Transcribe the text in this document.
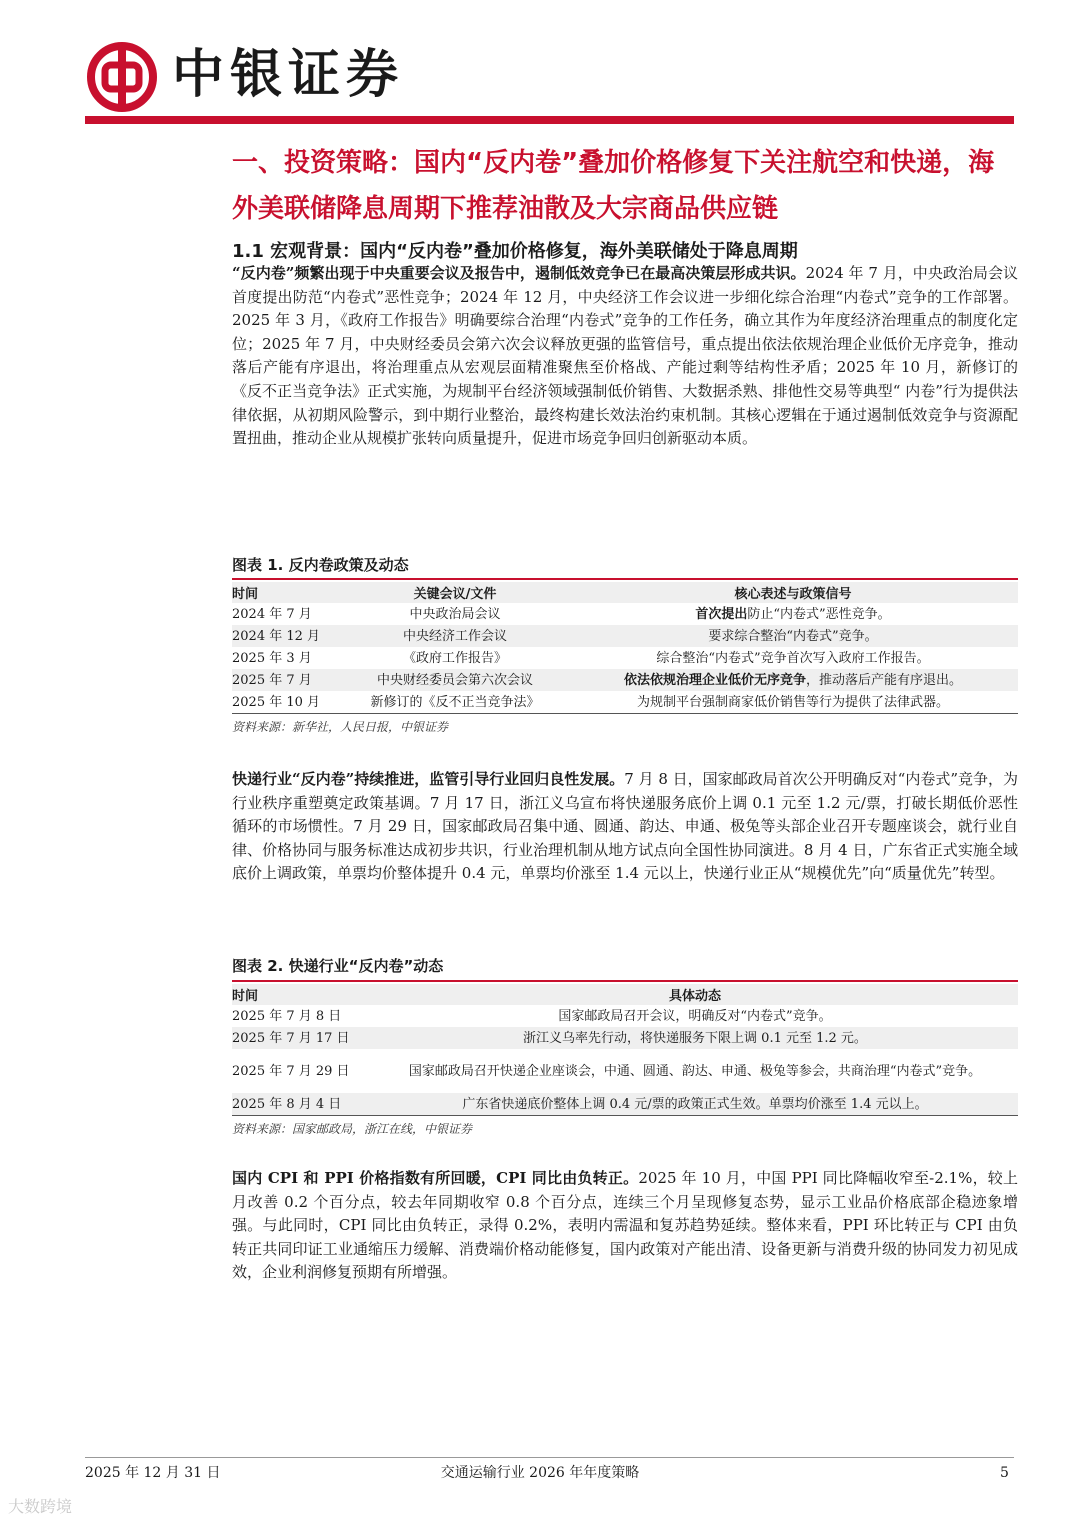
中银证券
一、投资策略：国内“反内卷”叠加价格修复下关注航空和快递，海外美联储降息周期下推荐油散及大宗商品供应链
1.1 宏观背景：国内“反内卷”叠加价格修复，海外美联储处于降息周期

“反内卷”频繁出现于中央重要会议及报告中，遏制低效竞争已在最高决策层形成共识。2024 年 7 月，中央政治局会议首度提出防范“内卷式”恶性竞争；2024 年 12 月，中央经济工作会议进一步细化综合治理“内卷式”竞争的工作部署。2025 年 3 月，《政府工作报告》明确要综合治理“内卷式”竞争的工作任务，确立其作为年度经济治理重点的制度化定位；2025 年 7 月，中央财经委员会第六次会议释放更强的监管信号，重点提出依法依规治理企业低价无序竞争，推动落后产能有序退出，将治理重点从宏观层面精准聚焦至价格战、产能过剩等结构性矛盾；2025 年 10 月，新修订的《反不正当竞争法》正式实施，为规制平台经济领域强制低价销售、大数据杀熟、排他性交易等典型“ 内卷”行为提供法律依据，从初期风险警示，到中期行业整治，最终构建长效法治约束机制。其核心逻辑在于通过遏制低效竞争与资源配置扭曲，推动企业从规模扩张转向质量提升，促进市场竞争回归创新驱动本质。

图表 1. 反内卷政策及动态
时间	关键会议/文件	核心表述与政策信号
2024 年 7 月	中央政治局会议	首次提出防止“内卷式”恶性竞争。
2024 年 12 月	中央经济工作会议	要求综合整治“内卷式”竞争。
2025 年 3 月	《政府工作报告》	综合整治“内卷式”竞争首次写入政府工作报告。
2025 年 7 月	中央财经委员会第六次会议	依法依规治理企业低价无序竞争，推动落后产能有序退出。
2025 年 10 月	新修订的《反不正当竞争法》	为规制平台强制商家低价销售等行为提供了法律武器。
资料来源：新华社，人民日报，中银证券

快递行业“反内卷”持续推进，监管引导行业回归良性发展。7 月 8 日，国家邮政局首次公开明确反对“内卷式”竞争，为行业秩序重塑奠定政策基调。7 月 17 日，浙江义乌宣布将快递服务底价上调 0.1 元至 1.2 元/票，打破长期低价恶性循环的市场惯性。7 月 29 日，国家邮政局召集中通、圆通、韵达、申通、极兔等头部企业召开专题座谈会，就行业自律、价格协同与服务标准达成初步共识，行业治理机制从地方试点向全国性协同演进。8 月 4 日，广东省正式实施全域底价上调政策，单票均价整体提升 0.4 元，单票均价涨至 1.4 元以上，快递行业正从“规模优先”向“质量优先”转型。

图表 2. 快递行业“反内卷”动态
时间	具体动态
2025 年 7 月 8 日	国家邮政局召开会议，明确反对“内卷式”竞争。
2025 年 7 月 17 日	浙江义乌率先行动，将快递服务下限上调 0.1 元至 1.2 元。
2025 年 7 月 29 日	国家邮政局召开快递企业座谈会，中通、圆通、韵达、申通、极兔等参会，共商治理“内卷式”竞争。
2025 年 8 月 4 日	广东省快递底价整体上调 0.4 元/票的政策正式生效。单票均价涨至 1.4 元以上。
资料来源：国家邮政局，浙江在线，中银证券

国内 CPI 和 PPI 价格指数有所回暖，CPI 同比由负转正。2025 年 10 月，中国 PPI 同比降幅收窄至-2.1%，较上月改善 0.2 个百分点，较去年同期收窄 0.8 个百分点，连续三个月呈现修复态势，显示工业品价格底部企稳迹象增强。与此同时，CPI 同比由负转正，录得 0.2%，表明内需温和复苏趋势延续。整体来看，PPI 环比转正与 CPI 由负转正共同印证工业通缩压力缓解、消费端价格动能修复，国内政策对产能出清、设备更新与消费升级的协同发力初见成效，企业利润修复预期有所增强。

2025 年 12 月 31 日	交通运输行业 2026 年年度策略	5
大数跨境
